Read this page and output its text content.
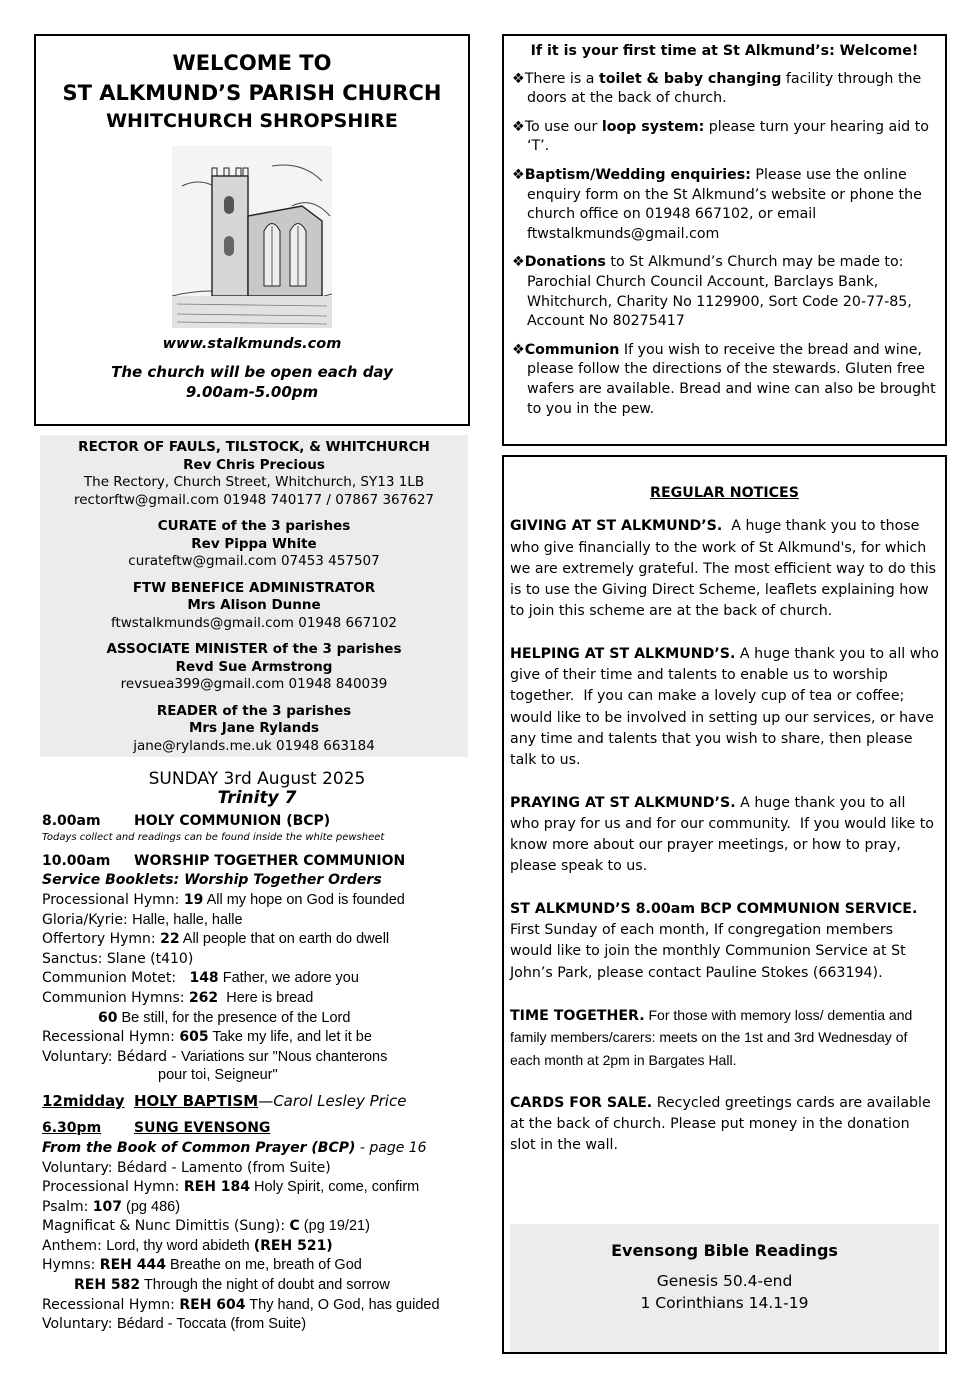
WELCOME TO
ST ALKMUND’S PARISH CHURCH
WHITCHURCH SHROPSHIRE
www.stalkmunds.com
The church will be open each day
9.00am-5.00pm
RECTOR OF FAULS, TILSTOCK, & WHITCHURCH
Rev Chris Precious
The Rectory, Church Street, Whitchurch, SY13 1LB
rectorftw@gmail.com 01948 740177 / 07867 367627
CURATE of the 3 parishes
Rev Pippa White
curateftw@gmail.com 07453 457507
FTW BENEFICE ADMINISTRATOR
Mrs Alison Dunne
ftwstalkmunds@gmail.com 01948 667102
ASSOCIATE MINISTER of the 3 parishes
Revd Sue Armstrong
revsuea399@gmail.com 01948 840039
READER of the 3 parishes
Mrs Jane Rylands
jane@rylands.me.uk 01948 663184
SUNDAY 3rd August 2025
Trinity 7
8.00am HOLY COMMUNION (BCP)
Todays collect and readings can be found inside the white pewsheet
10.00am WORSHIP TOGETHER COMMUNION
Service Booklets: Worship Together Orders
Processional Hymn: 19 All my hope on God is founded
Gloria/Kyrie: Halle, halle, halle
Offertory Hymn: 22 All people that on earth do dwell
Sanctus: Slane (t410)
Communion Motet:   148 Father, we adore you
Communion Hymns: 262  Here is bread
60 Be still, for the presence of the Lord
Recessional Hymn: 605 Take my life, and let it be
Voluntary: Bédard - Variations sur "Nous chanterons
pour toi, Seigneur"
12midday HOLY BAPTISM—Carol Lesley Price
6.30pm SUNG EVENSONG
From the Book of Common Prayer (BCP) - page 16
Voluntary: Bédard - Lamento (from Suite)
Processional Hymn: REH 184 Holy Spirit, come, confirm
Psalm: 107 (pg 486)
Magnificat & Nunc Dimittis (Sung): C (pg 19/21)
Anthem: Lord, thy word abideth (REH 521)
Hymns: REH 444 Breathe on me, breath of God
REH 582 Through the night of doubt and sorrow
Recessional Hymn: REH 604 Thy hand, O God, has guided
Voluntary: Bédard - Toccata (from Suite)
If it is your first time at St Alkmund’s: Welcome!
❖There is a toilet & baby changing facility through the doors at the back of church.
❖To use our loop system: please turn your hearing aid to ‘T’.
❖Baptism/Wedding enquiries: Please use the online enquiry form on the St Alkmund’s website or phone the church office on 01948 667102, or email ftwstalkmunds@gmail.com
❖Donations to St Alkmund’s Church may be made to: Parochial Church Council Account, Barclays Bank, Whitchurch, Charity No 1129900, Sort Code 20-77-85, Account No 80275417
❖Communion If you wish to receive the bread and wine, please follow the directions of the stewards. Gluten free wafers are available. Bread and wine can also be brought to you in the pew.
REGULAR NOTICES
GIVING AT ST ALKMUND’S.  A huge thank you to those who give financially to the work of St Alkmund's, for which we are extremely grateful. The most efficient way to do this is to use the Giving Direct Scheme, leaflets explaining how to join this scheme are at the back of church.
HELPING AT ST ALKMUND’S. A huge thank you to all who give of their time and talents to enable us to worship together.  If you can make a lovely cup of tea or coffee; would like to be involved in setting up our services, or have any time and talents that you wish to share, then please talk to us.
PRAYING AT ST ALKMUND’S. A huge thank you to all who pray for us and for our community.  If you would like to know more about our prayer meetings, or how to pray, please speak to us.
ST ALKMUND’S 8.00am BCP COMMUNION SERVICE. First Sunday of each month, If congregation members would like to join the monthly Communion Service at St John’s Park, please contact Pauline Stokes (663194).
TIME TOGETHER. For those with memory loss/ dementia and family members/carers: meets on the 1st and 3rd Wednesday of each month at 2pm in Bargates Hall.
CARDS FOR SALE. Recycled greetings cards are available at the back of church. Please put money in the donation slot in the wall.
Evensong Bible Readings
Genesis 50.4-end
1 Corinthians 14.1-19
